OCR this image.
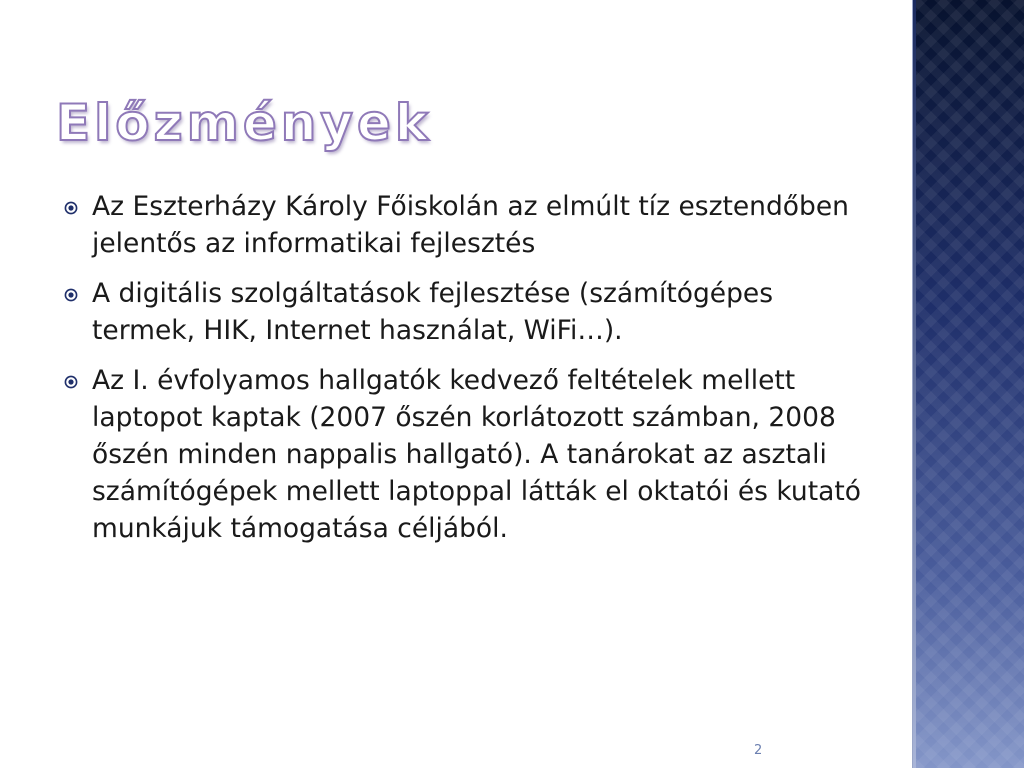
Előzmények
Az Eszterházy Károly Főiskolán az elmúlt tíz esztendőben jelentős az informatikai fejlesztés
A digitális szolgáltatások fejlesztése (számítógépes termek, HIK, Internet használat, WiFi…).
Az I. évfolyamos hallgatók kedvező feltételek mellett laptopot kaptak (2007 őszén korlátozott számban, 2008 őszén minden nappalis hallgató). A tanárokat az asztali számítógépek mellett laptoppal látták el oktatói és kutató munkájuk támogatása céljából.
2
